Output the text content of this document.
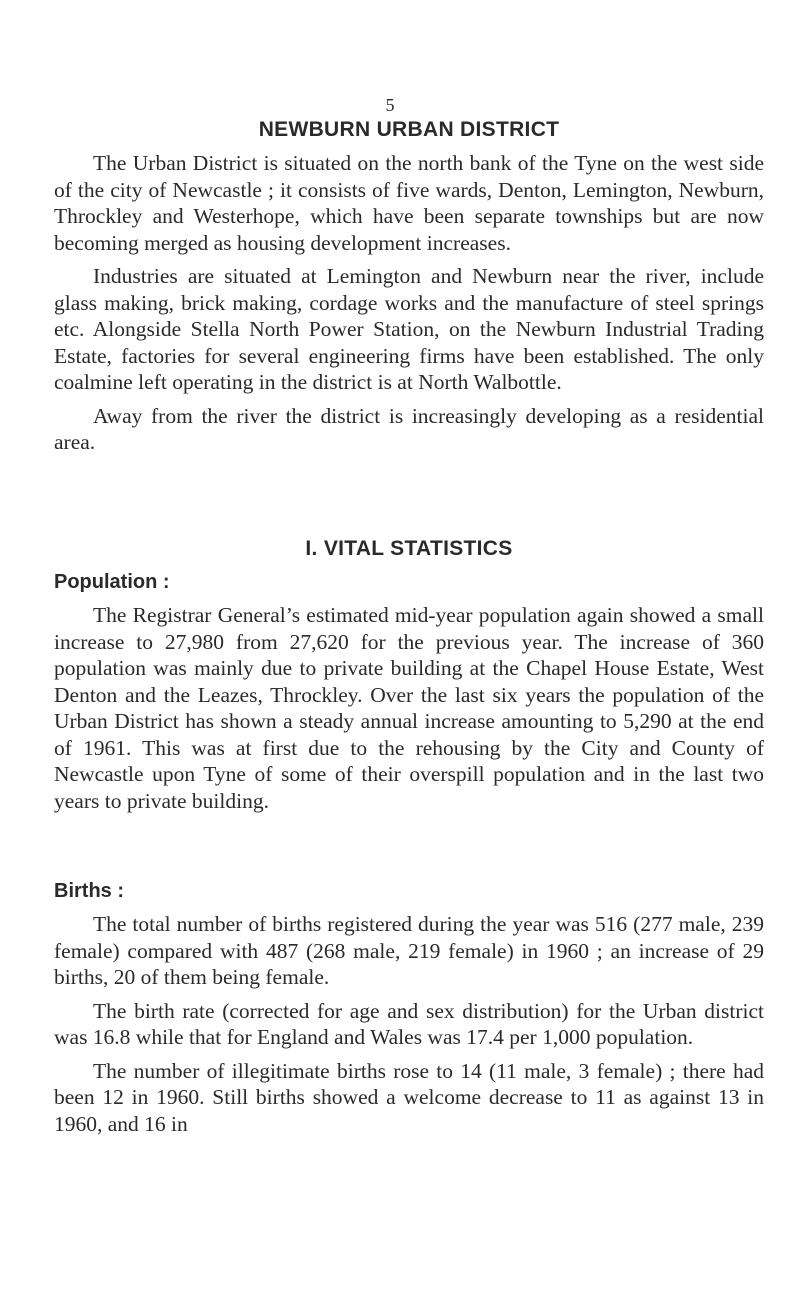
5
NEWBURN URBAN DISTRICT

The Urban District is situated on the north bank of the Tyne on the west side of the city of Newcastle ; it consists of five wards, Denton, Lemington, Newburn, Throckley and Westerhope, which have been separate townships but are now becoming merged as housing development increases.

Industries are situated at Lemington and Newburn near the river, include glass making, brick making, cordage works and the manufacture of steel springs etc. Alongside Stella North Power Station, on the Newburn Industrial Trading Estate, factories for several engineering firms have been established. The only coalmine left operating in the district is at North Walbottle.

Away from the river the district is increasingly developing as a residential area.

I. VITAL STATISTICS
Population :

The Registrar General’s estimated mid-year population again showed a small increase to 27,980 from 27,620 for the previous year. The increase of 360 population was mainly due to private building at the Chapel House Estate, West Denton and the Leazes, Throckley. Over the last six years the population of the Urban District has shown a steady annual increase amounting to 5,290 at the end of 1961. This was at first due to the rehousing by the City and County of Newcastle upon Tyne of some of their overspill population and in the last two years to private building.

Births :

The total number of births registered during the year was 516 (277 male, 239 female) compared with 487 (268 male, 219 female) in 1960 ; an increase of 29 births, 20 of them being female.

The birth rate (corrected for age and sex distribution) for the Urban district was 16.8 while that for England and Wales was 17.4 per 1,000 population.

The number of illegitimate births rose to 14 (11 male, 3 female) ; there had been 12 in 1960. Still births showed a welcome decrease to 11 as against 13 in 1960, and 16 in
